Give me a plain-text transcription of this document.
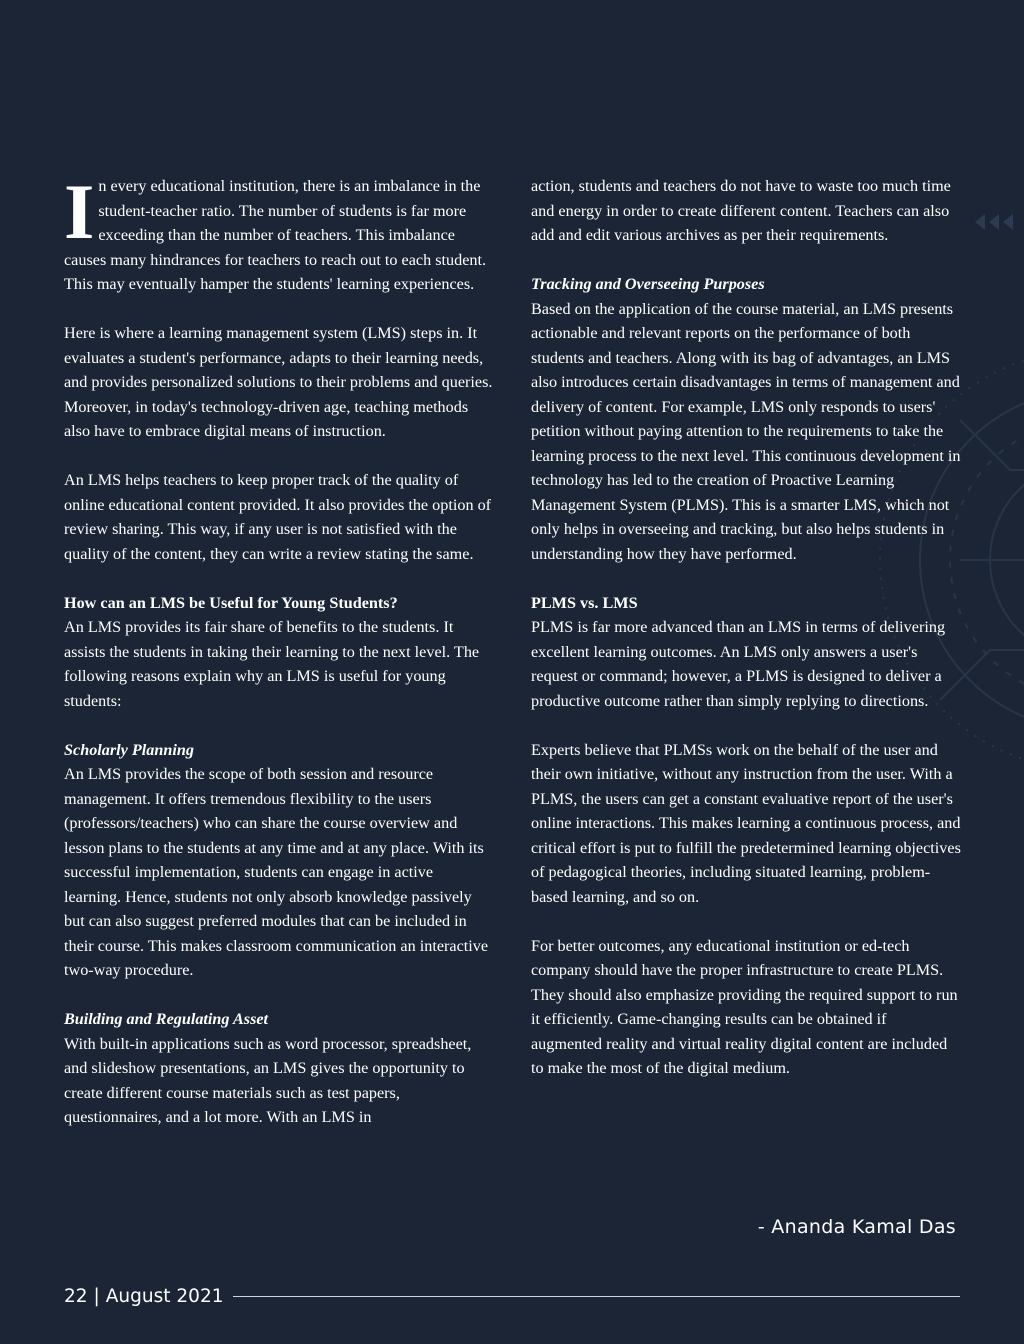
In every educational institution, there is an imbalance in the student-teacher ratio. The number of students is far more exceeding than the number of teachers. This imbalance causes many hindrances for teachers to reach out to each student. This may eventually hamper the students' learning experiences.

Here is where a learning management system (LMS) steps in. It evaluates a student's performance, adapts to their learning needs, and provides personalized solutions to their problems and queries. Moreover, in today's technology-driven age, teaching methods also have to embrace digital means of instruction.

An LMS helps teachers to keep proper track of the quality of online educational content provided. It also provides the option of review sharing. This way, if any user is not satisfied with the quality of the content, they can write a review stating the same.

How can an LMS be Useful for Young Students?
An LMS provides its fair share of benefits to the students. It assists the students in taking their learning to the next level. The following reasons explain why an LMS is useful for young students:

Scholarly Planning
An LMS provides the scope of both session and resource management. It offers tremendous flexibility to the users (professors/teachers) who can share the course overview and lesson plans to the students at any time and at any place. With its successful implementation, students can engage in active learning. Hence, students not only absorb knowledge passively but can also suggest preferred modules that can be included in their course. This makes classroom communication an interactive two-way procedure.

Building and Regulating Asset
With built-in applications such as word processor, spreadsheet, and slideshow presentations, an LMS gives the opportunity to create different course materials such as test papers, questionnaires, and a lot more. With an LMS in

action, students and teachers do not have to waste too much time and energy in order to create different content. Teachers can also add and edit various archives as per their requirements.

Tracking and Overseeing Purposes
Based on the application of the course material, an LMS presents actionable and relevant reports on the performance of both students and teachers. Along with its bag of advantages, an LMS also introduces certain disadvantages in terms of management and delivery of content. For example, LMS only responds to users' petition without paying attention to the requirements to take the learning process to the next level. This continuous development in technology has led to the creation of Proactive Learning Management System (PLMS). This is a smarter LMS, which not only helps in overseeing and tracking, but also helps students in understanding how they have performed.

PLMS vs. LMS
PLMS is far more advanced than an LMS in terms of delivering excellent learning outcomes. An LMS only answers a user's request or command; however, a PLMS is designed to deliver a productive outcome rather than simply replying to directions.

Experts believe that PLMSs work on the behalf of the user and their own initiative, without any instruction from the user. With a PLMS, the users can get a constant evaluative report of the user's online interactions. This makes learning a continuous process, and critical effort is put to fulfill the predetermined learning objectives of pedagogical theories, including situated learning, problem-based learning, and so on.

For better outcomes, any educational institution or ed-tech company should have the proper infrastructure to create PLMS. They should also emphasize providing the required support to run it efficiently. Game-changing results can be obtained if augmented reality and virtual reality digital content are included to make the most of the digital medium.

- Ananda Kamal Das
22 | August 2021
